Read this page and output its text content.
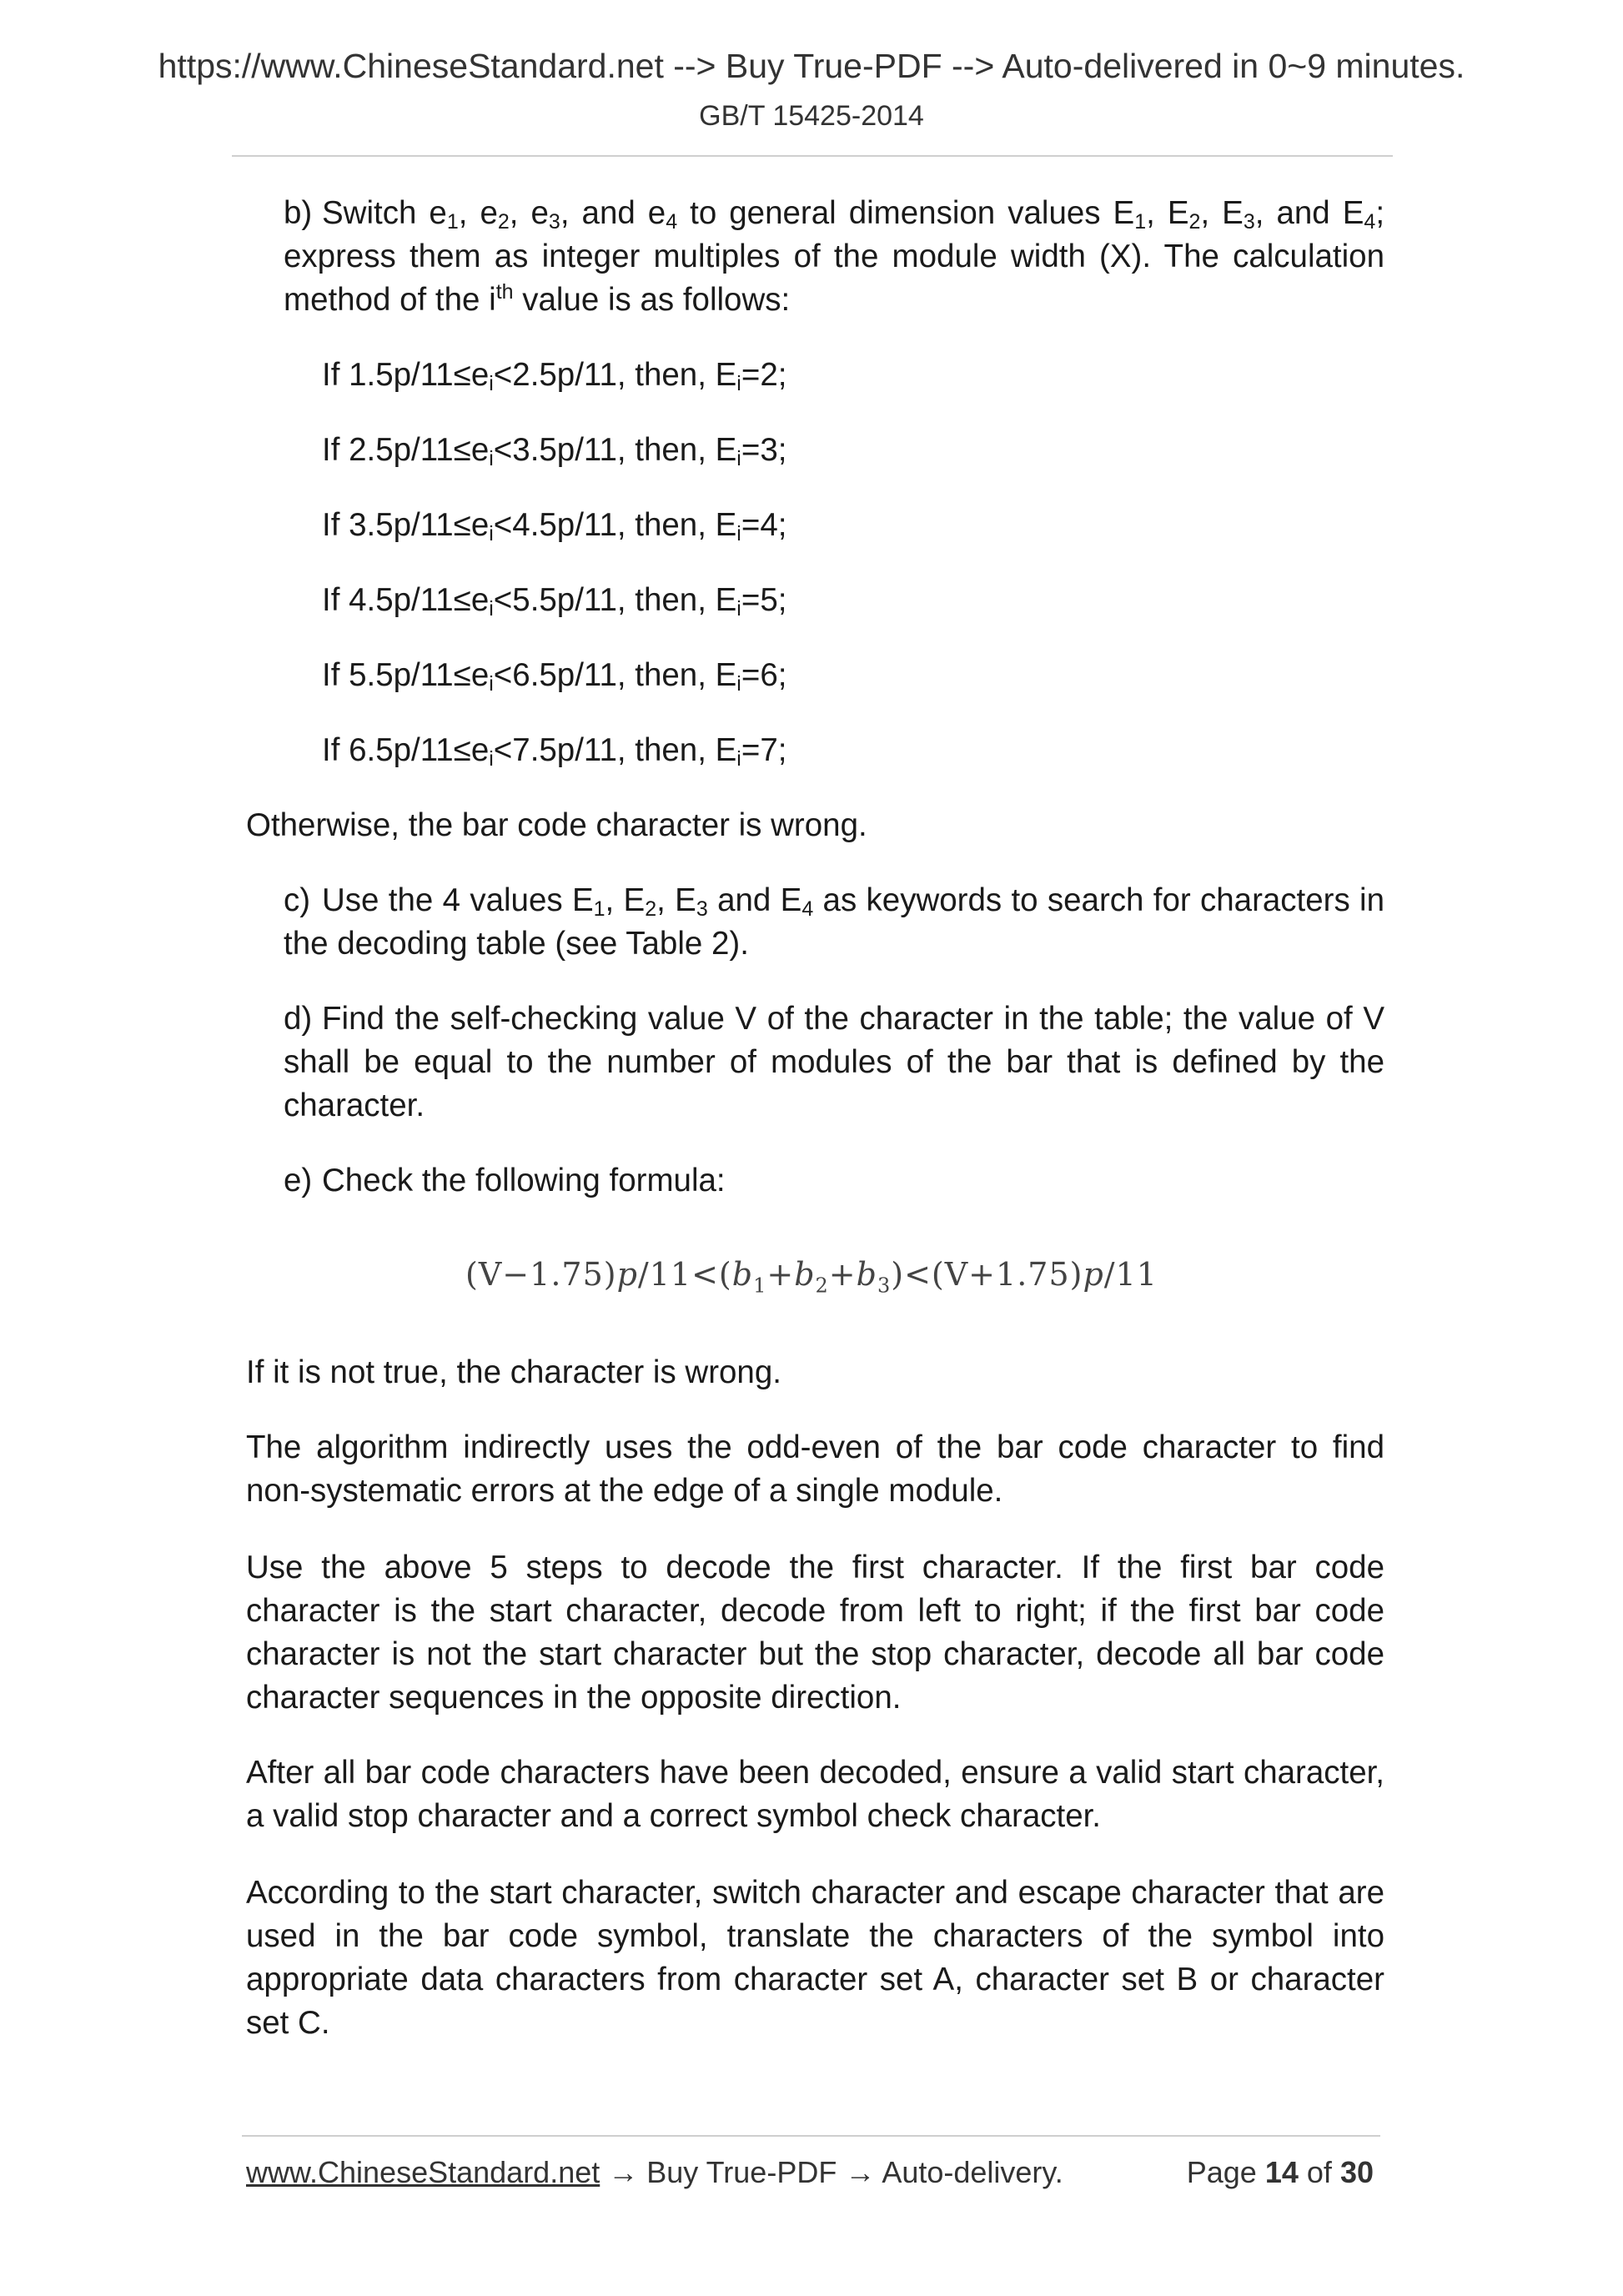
https://www.ChineseStandard.net --> Buy True-PDF --> Auto-delivered in 0~9 minutes.
GB/T 15425-2014
b) Switch $e_1$, $e_2$, $e_3$, and $e_4$ to general dimension values $E_1$, $E_2$, $E_3$, and $E_4$; express them as integer multiples of the module width (X). The calculation method of the $i^{th}$ value is as follows:
If $1.5p/11\le e_i<2.5p/11$, then, $E_i=2$;
If $2.5p/11\le e_i<3.5p/11$, then, $E_i=3$;
If $3.5p/11\le e_i<4.5p/11$, then, $E_i=4$;
If $4.5p/11\le e_i<5.5p/11$, then, $E_i=5$;
If $5.5p/11\le e_i<6.5p/11$, then, $E_i=6$;
If $6.5p/11\le e_i<7.5p/11$, then, $E_i=7$;
Otherwise, the bar code character is wrong.
c) Use the 4 values $E_1$, $E_2$, $E_3$ and $E_4$ as keywords to search for characters in the decoding table (see Table 2).
d) Find the self-checking value V of the character in the table; the value of V shall be equal to the number of modules of the bar that is defined by the character.
e) Check the following formula:
$(V-1.75)p/11<(b_1+b_2+b_3)<(V+1.75)p/11$
If it is not true, the character is wrong.
The algorithm indirectly uses the odd-even of the bar code character to find non-systematic errors at the edge of a single module.
Use the above 5 steps to decode the first character. If the first bar code character is the start character, decode from left to right; if the first bar code character is not the start character but the stop character, decode all bar code character sequences in the opposite direction.
After all bar code characters have been decoded, ensure a valid start character, a valid stop character and a correct symbol check character.
According to the start character, switch character and escape character that are used in the bar code symbol, translate the characters of the symbol into appropriate data characters from character set A, character set B or character set C.
www.ChineseStandard.net → Buy True-PDF → Auto-delivery.	Page 14 of 30
